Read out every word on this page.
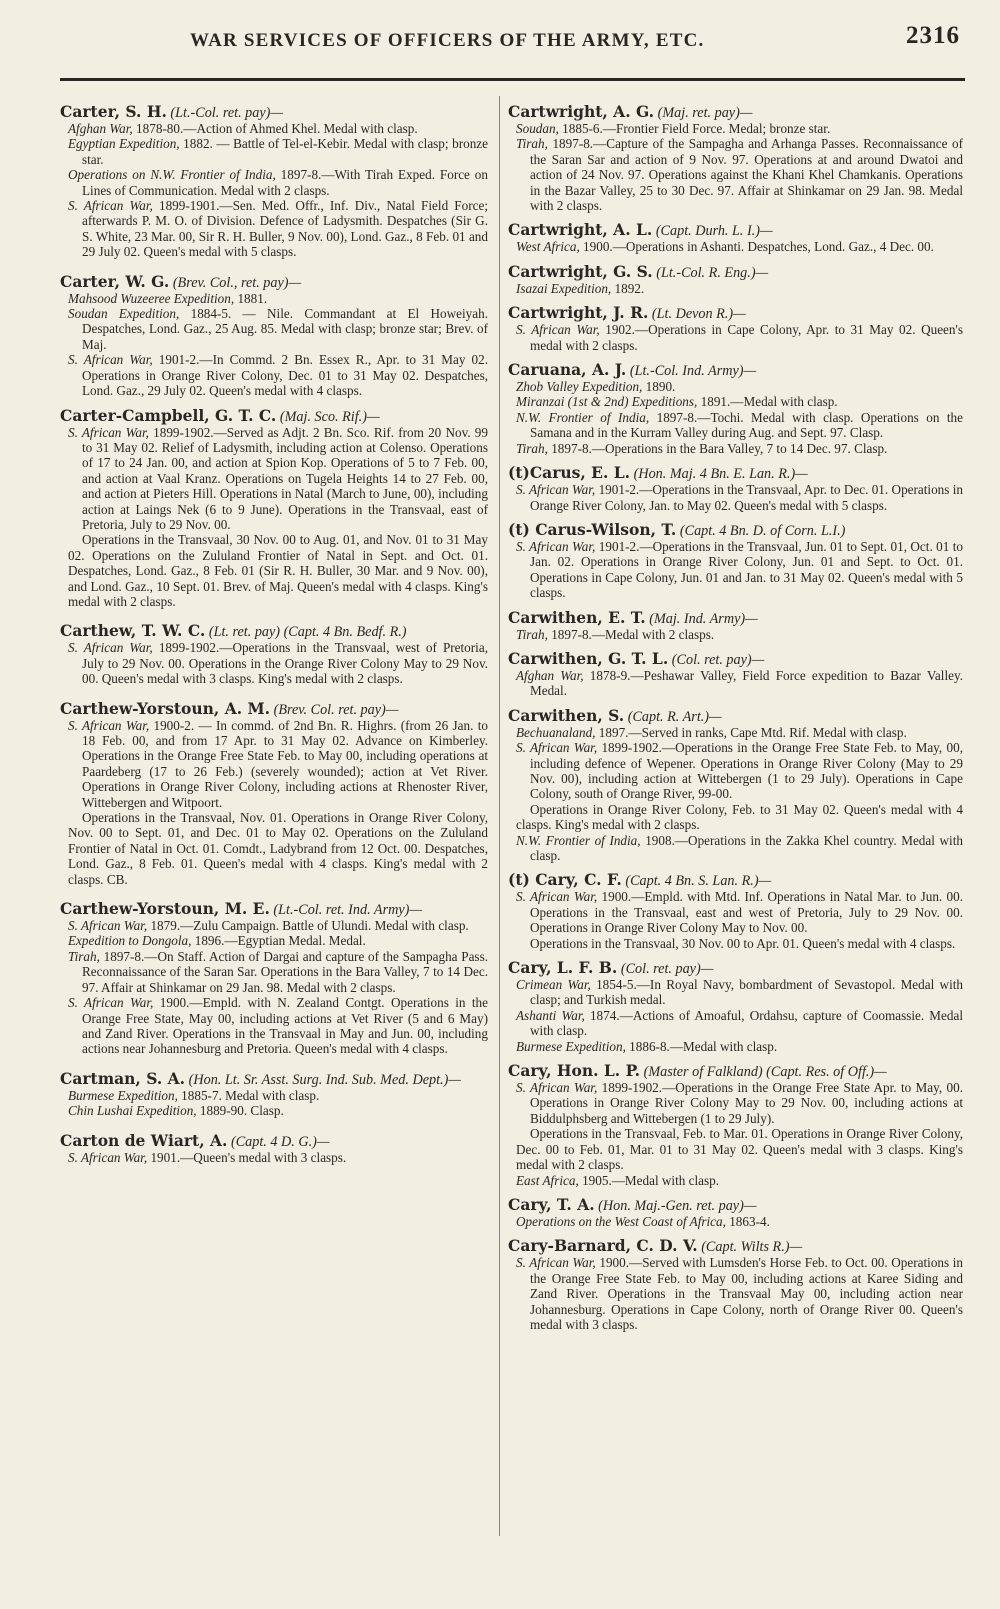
WAR SERVICES OF OFFICERS OF THE ARMY, ETC.	2316
Carter, S. H. (Lt.-Col. ret. pay)—
Afghan War, 1878-80.—Action of Ahmed Khel. Medal with clasp.
Egyptian Expedition, 1882. — Battle of Tel-el-Kebir. Medal with clasp; bronze star.
Operations on N.W. Frontier of India, 1897-8.—With Tirah Exped. Force on Lines of Communication. Medal with 2 clasps.
S. African War, 1899-1901.—Sen. Med. Offr., Inf. Div., Natal Field Force; afterwards P. M. O. of Division. Defence of Ladysmith. Despatches (Sir G. S. White, 23 Mar. 00, Sir R. H. Buller, 9 Nov. 00), Lond. Gaz., 8 Feb. 01 and 29 July 02. Queen's medal with 5 clasps.
Carter, W. G. (Brev. Col., ret. pay)—
Mahsood Wuzeeree Expedition, 1881.
Soudan Expedition, 1884-5. — Nile. Commandant at El Howeiyah. Despatches, Lond. Gaz., 25 Aug. 85. Medal with clasp; bronze star; Brev. of Maj.
S. African War, 1901-2.—In Commd. 2 Bn. Essex R., Apr. to 31 May 02. Operations in Orange River Colony, Dec. 01 to 31 May 02. Despatches, Lond. Gaz., 29 July 02. Queen's medal with 4 clasps.
Carter-Campbell, G. T. C. (Maj. Sco. Rif.)—
S. African War, 1899-1902.—Served as Adjt. 2 Bn. Sco. Rif. from 20 Nov. 99 to 31 May 02. Relief of Ladysmith, including action at Colenso. Operations of 17 to 24 Jan. 00, and action at Spion Kop. Operations of 5 to 7 Feb. 00, and action at Vaal Kranz. Operations on Tugela Heights 14 to 27 Feb. 00, and action at Pieters Hill. Operations in Natal (March to June, 00), including action at Laings Nek (6 to 9 June). Operations in the Transvaal, east of Pretoria, July to 29 Nov. 00.
Operations in the Transvaal, 30 Nov. 00 to Aug. 01, and Nov. 01 to 31 May 02. Operations on the Zululand Frontier of Natal in Sept. and Oct. 01. Despatches, Lond. Gaz., 8 Feb. 01 (Sir R. H. Buller, 30 Mar. and 9 Nov. 00), and Lond. Gaz., 10 Sept. 01. Brev. of Maj. Queen's medal with 4 clasps. King's medal with 2 clasps.
Carthew, T. W. C. (Lt. ret. pay) (Capt. 4 Bn. Bedf. R.)
S. African War, 1899-1902.—Operations in the Transvaal, west of Pretoria, July to 29 Nov. 00. Operations in the Orange River Colony May to 29 Nov. 00. Queen's medal with 3 clasps. King's medal with 2 clasps.
Carthew-Yorstoun, A. M. (Brev. Col. ret. pay)—
S. African War, 1900-2. — In commd. of 2nd Bn. R. Highrs. (from 26 Jan. to 18 Feb. 00, and from 17 Apr. to 31 May 02. Advance on Kimberley. Operations in the Orange Free State Feb. to May 00, including operations at Paardeberg (17 to 26 Feb.) (severely wounded); action at Vet River. Operations in Orange River Colony, including actions at Rhenoster River, Wittebergen and Witpoort.
Operations in the Transvaal, Nov. 01. Operations in Orange River Colony, Nov. 00 to Sept. 01, and Dec. 01 to May 02. Operations on the Zululand Frontier of Natal in Oct. 01. Comdt., Ladybrand from 12 Oct. 00. Despatches, Lond. Gaz., 8 Feb. 01. Queen's medal with 4 clasps. King's medal with 2 clasps. CB.
Carthew-Yorstoun, M. E. (Lt.-Col. ret. Ind. Army)—
S. African War, 1879.—Zulu Campaign. Battle of Ulundi. Medal with clasp.
Expedition to Dongola, 1896.—Egyptian Medal. Medal.
Tirah, 1897-8.—On Staff. Action of Dargai and capture of the Sampagha Pass. Reconnaissance of the Saran Sar. Operations in the Bara Valley, 7 to 14 Dec. 97. Affair at Shinkamar on 29 Jan. 98. Medal with 2 clasps.
S. African War, 1900.—Empld. with N. Zealand Contgt. Operations in the Orange Free State, May 00, including actions at Vet River (5 and 6 May) and Zand River. Operations in the Transvaal in May and Jun. 00, including actions near Johannesburg and Pretoria. Queen's medal with 4 clasps.
Cartman, S. A. (Hon. Lt. Sr. Asst. Surg. Ind. Sub. Med. Dept.)—
Burmese Expedition, 1885-7. Medal with clasp.
Chin Lushai Expedition, 1889-90. Clasp.
Carton de Wiart, A. (Capt. 4 D. G.)—
S. African War, 1901.—Queen's medal with 3 clasps.
Cartwright, A. G. (Maj. ret. pay)—
Soudan, 1885-6.—Frontier Field Force. Medal; bronze star.
Tirah, 1897-8.—Capture of the Sampagha and Arhanga Passes. Reconnaissance of the Saran Sar and action of 9 Nov. 97. Operations at and around Dwatoi and action of 24 Nov. 97. Operations against the Khani Khel Chamkanis. Operations in the Bazar Valley, 25 to 30 Dec. 97. Affair at Shinkamar on 29 Jan. 98. Medal with 2 clasps.
Cartwright, A. L. (Capt. Durh. L. I.)—
West Africa, 1900.—Operations in Ashanti. Despatches, Lond. Gaz., 4 Dec. 00.
Cartwright, G. S. (Lt.-Col. R. Eng.)—
Isazai Expedition, 1892.
Cartwright, J. R. (Lt. Devon R.)—
S. African War, 1902.—Operations in Cape Colony, Apr. to 31 May 02. Queen's medal with 2 clasps.
Caruana, A. J. (Lt.-Col. Ind. Army)—
Zhob Valley Expedition, 1890.
Miranzai (1st & 2nd) Expeditions, 1891.—Medal with clasp.
N.W. Frontier of India, 1897-8.—Tochi. Medal with clasp. Operations on the Samana and in the Kurram Valley during Aug. and Sept. 97. Clasp.
Tirah, 1897-8.—Operations in the Bara Valley, 7 to 14 Dec. 97. Clasp.
(t)Carus, E. L. (Hon. Maj. 4 Bn. E. Lan. R.)—
S. African War, 1901-2.—Operations in the Transvaal, Apr. to Dec. 01. Operations in Orange River Colony, Jan. to May 02. Queen's medal with 5 clasps.
(t) Carus-Wilson, T. (Capt. 4 Bn. D. of Corn. L.I.)
S. African War, 1901-2.—Operations in the Transvaal, Jun. 01 to Sept. 01, Oct. 01 to Jan. 02. Operations in Orange River Colony, Jun. 01 and Sept. to Oct. 01. Operations in Cape Colony, Jun. 01 and Jan. to 31 May 02. Queen's medal with 5 clasps.
Carwithen, E. T. (Maj. Ind. Army)—
Tirah, 1897-8.—Medal with 2 clasps.
Carwithen, G. T. L. (Col. ret. pay)—
Afghan War, 1878-9.—Peshawar Valley, Field Force expedition to Bazar Valley. Medal.
Carwithen, S. (Capt. R. Art.)—
Bechuanaland, 1897.—Served in ranks, Cape Mtd. Rif. Medal with clasp.
S. African War, 1899-1902.—Operations in the Orange Free State Feb. to May, 00, including defence of Wepener. Operations in Orange River Colony (May to 29 Nov. 00), including action at Wittebergen (1 to 29 July). Operations in Cape Colony, south of Orange River, 99-00.
Operations in Orange River Colony, Feb. to 31 May 02. Queen's medal with 4 clasps. King's medal with 2 clasps.
N.W. Frontier of India, 1908.—Operations in the Zakka Khel country. Medal with clasp.
(t) Cary, C. F. (Capt. 4 Bn. S. Lan. R.)—
S. African War, 1900.—Empld. with Mtd. Inf. Operations in Natal Mar. to Jun. 00. Operations in the Transvaal, east and west of Pretoria, July to 29 Nov. 00. Operations in Orange River Colony May to Nov. 00.
Operations in the Transvaal, 30 Nov. 00 to Apr. 01. Queen's medal with 4 clasps.
Cary, L. F. B. (Col. ret. pay)—
Crimean War, 1854-5.—In Royal Navy, bombardment of Sevastopol. Medal with clasp; and Turkish medal.
Ashanti War, 1874.—Actions of Amoaful, Ordahsu, capture of Coomassie. Medal with clasp.
Burmese Expedition, 1886-8.—Medal with clasp.
Cary, Hon. L. P. (Master of Falkland) (Capt. Res. of Off.)—
S. African War, 1899-1902.—Operations in the Orange Free State Apr. to May, 00. Operations in Orange River Colony May to 29 Nov. 00, including actions at Biddulphsberg and Wittebergen (1 to 29 July).
Operations in the Transvaal, Feb. to Mar. 01. Operations in Orange River Colony, Dec. 00 to Feb. 01, Mar. 01 to 31 May 02. Queen's medal with 3 clasps. King's medal with 2 clasps.
East Africa, 1905.—Medal with clasp.
Cary, T. A. (Hon. Maj.-Gen. ret. pay)—
Operations on the West Coast of Africa, 1863-4.
Cary-Barnard, C. D. V. (Capt. Wilts R.)—
S. African War, 1900.—Served with Lumsden's Horse Feb. to Oct. 00. Operations in the Orange Free State Feb. to May 00, including actions at Karee Siding and Zand River. Operations in the Transvaal May 00, including action near Johannesburg. Operations in Cape Colony, north of Orange River 00. Queen's medal with 3 clasps.
